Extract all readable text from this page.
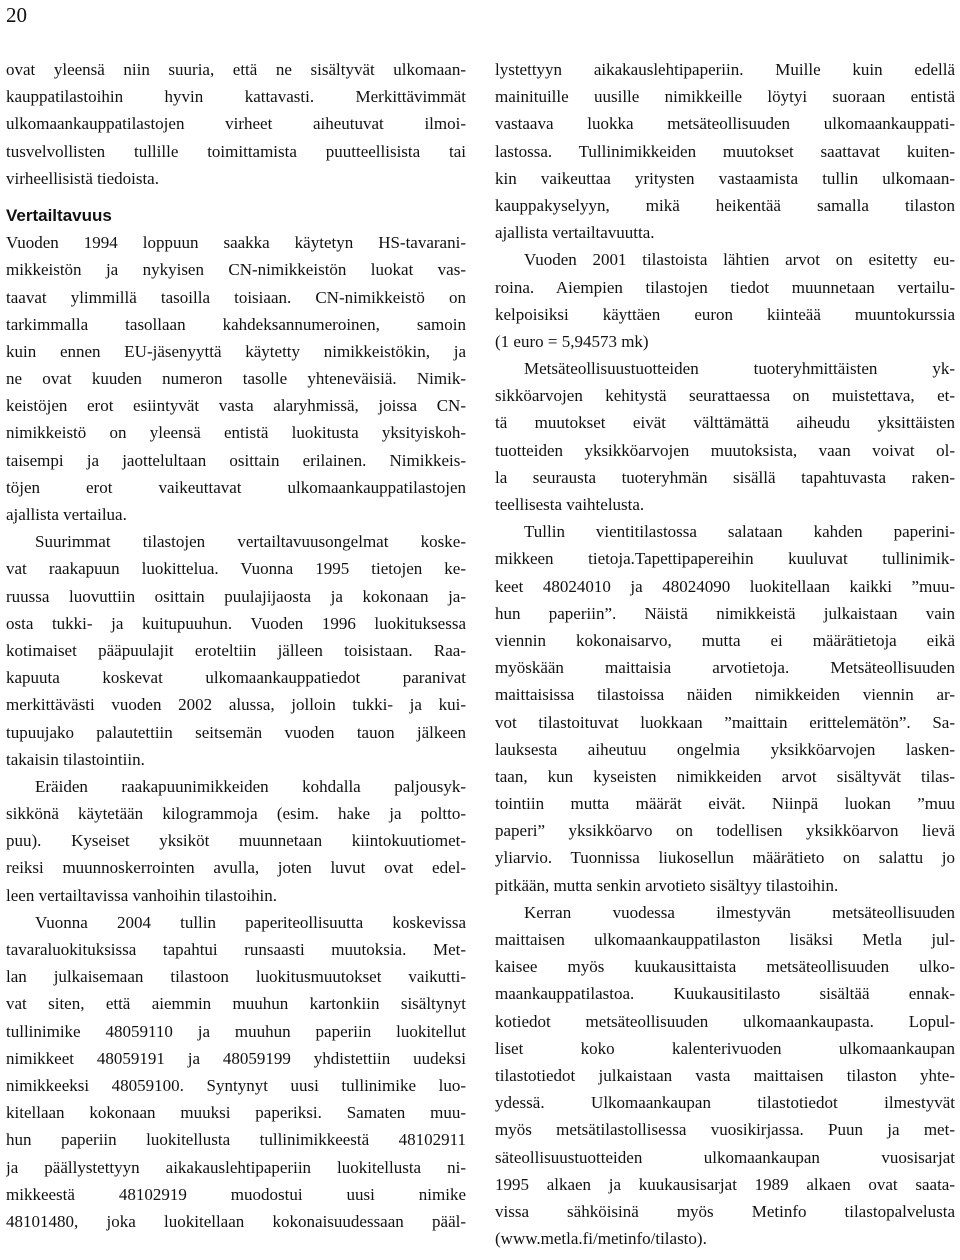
20

ovat yleensä niin suuria, että ne sisältyvät ulkomaan-
kauppatilastoihin hyvin kattavasti. Merkittävimmät
ulkomaankauppatilastojen virheet aiheutuvat ilmoi-
tusvelvollisten tullille toimittamista puutteellisista tai
virheellisistä tiedoista.

Vertailtavuus

Vuoden 1994 loppuun saakka käytetyn HS-tavarani-
mikkeistön ja nykyisen CN-nimikkeistön luokat vas-
taavat ylimmillä tasoilla toisiaan. CN-nimikkeistö on
tarkimmalla tasollaan kahdeksannumeroinen, samoin
kuin ennen EU-jäsenyyttä käytetty nimikkeistökin, ja
ne ovat kuuden numeron tasolle yhteneväisiä. Nimik-
keistöjen erot esiintyvät vasta alaryhmissä, joissa CN-
nimikkeistö on yleensä entistä luokitusta yksityiskoh-
taisempi ja jaottelultaan osittain erilainen. Nimikkeis-
töjen erot vaikeuttavat ulkomaankauppatilastojen
ajallista vertailua.

Suurimmat tilastojen vertailtavuusongelmat koske-
vat raakapuun luokittelua. Vuonna 1995 tietojen ke-
ruussa luovuttiin osittain puulajijaosta ja kokonaan ja-
osta tukki- ja kuitupuuhun. Vuoden 1996 luokituksessa
kotimaiset pääpuulajit eroteltiin jälleen toisistaan. Raa-
kapuuta koskevat ulkomaankauppatiedot paranivat
merkittävästi vuoden 2002 alussa, jolloin tukki- ja kui-
tupuujako palautettiin seitsemän vuoden tauon jälkeen
takaisin tilastointiin.

Eräiden raakapuunimikkeiden kohdalla paljousyk-
sikkönä käytetään kilogrammoja (esim. hake ja poltto-
puu). Kyseiset yksiköt muunnetaan kiintokuutiomet-
reiksi muunnoskerrointen avulla, joten luvut ovat edel-
leen vertailtavissa vanhoihin tilastoihin.

Vuonna 2004 tullin paperiteollisuutta koskevissa
tavaraluokituksissa tapahtui runsaasti muutoksia. Met-
lan julkaisemaan tilastoon luokitusmuutokset vaikutti-
vat siten, että aiemmin muuhun kartonkiin sisältynyt
tullinimike 48059110 ja muuhun paperiin luokitellut
nimikkeet 48059191 ja 48059199 yhdistettiin uudeksi
nimikkeeksi 48059100. Syntynyt uusi tullinimike luo-
kitellaan kokonaan muuksi paperiksi. Samaten muu-
hun paperiin luokitellusta tullinimikkeestä 48102911
ja päällystettyyn aikakauslehtipaperiin luokitellusta ni-
mikkeestä 48102919 muodostui uusi nimike
48101480, joka luokitellaan kokonaisuudessaan pääl-

lystettyyn aikakauslehtipaperiin. Muille kuin edellä
mainituille uusille nimikkeille löytyi suoraan entistä
vastaava luokka metsäteollisuuden ulkomaankauppati-
lastossa. Tullinimikkeiden muutokset saattavat kuiten-
kin vaikeuttaa yritysten vastaamista tullin ulkomaan-
kauppakyselyyn, mikä heikentää samalla tilaston
ajallista vertailtavuutta.

Vuoden 2001 tilastoista lähtien arvot on esitetty eu-
roina. Aiempien tilastojen tiedot muunnetaan vertailu-
kelpoisiksi käyttäen euron kiinteää muuntokurssia
(1 euro = 5,94573 mk)

Metsäteollisuustuotteiden tuoteryhmittäisten yk-
sikköarvojen kehitystä seurattaessa on muistettava, et-
tä muutokset eivät välttämättä aiheudu yksittäisten
tuotteiden yksikköarvojen muutoksista, vaan voivat ol-
la seurausta tuoteryhmän sisällä tapahtuvasta raken-
teellisesta vaihtelusta.

Tullin vientitilastossa salataan kahden paperini-
mikkeen tietoja.Tapettipapereihin kuuluvat tullinimik-
keet 48024010 ja 48024090 luokitellaan kaikki ”muu-
hun paperiin”. Näistä nimikkeistä julkaistaan vain
viennin kokonaisarvo, mutta ei määrätietoja eikä
myöskään maittaisia arvotietoja. Metsäteollisuuden
maittaisissa tilastoissa näiden nimikkeiden viennin ar-
vot tilastoituvat luokkaan ”maittain erittelemätön”. Sa-
lauksesta aiheutuu ongelmia yksikköarvojen lasken-
taan, kun kyseisten nimikkeiden arvot sisältyvät tilas-
tointiin mutta määrät eivät. Niinpä luokan ”muu
paperi” yksikköarvo on todellisen yksikköarvon lievä
yliarvio. Tuonnissa liukosellun määrätieto on salattu jo
pitkään, mutta senkin arvotieto sisältyy tilastoihin.

Kerran vuodessa ilmestyvän metsäteollisuuden
maittaisen ulkomaankauppatilaston lisäksi Metla jul-
kaisee myös kuukausittaista metsäteollisuuden ulko-
maankauppatilastoa. Kuukausitilasto sisältää ennak-
kotiedot metsäteollisuuden ulkomaankaupasta. Lopul-
liset koko kalenterivuoden ulkomaankaupan
tilastotiedot julkaistaan vasta maittaisen tilaston yhte-
ydessä. Ulkomaankaupan tilastotiedot ilmestyvät
myös metsätilastollisessa vuosikirjassa. Puun ja met-
säteollisuustuotteiden ulkomaankaupan vuosisarjat
1995 alkaen ja kuukausisarjat 1989 alkaen ovat saata-
vissa sähköisinä myös Metinfo tilastopalvelusta
(www.metla.fi/metinfo/tilasto).
